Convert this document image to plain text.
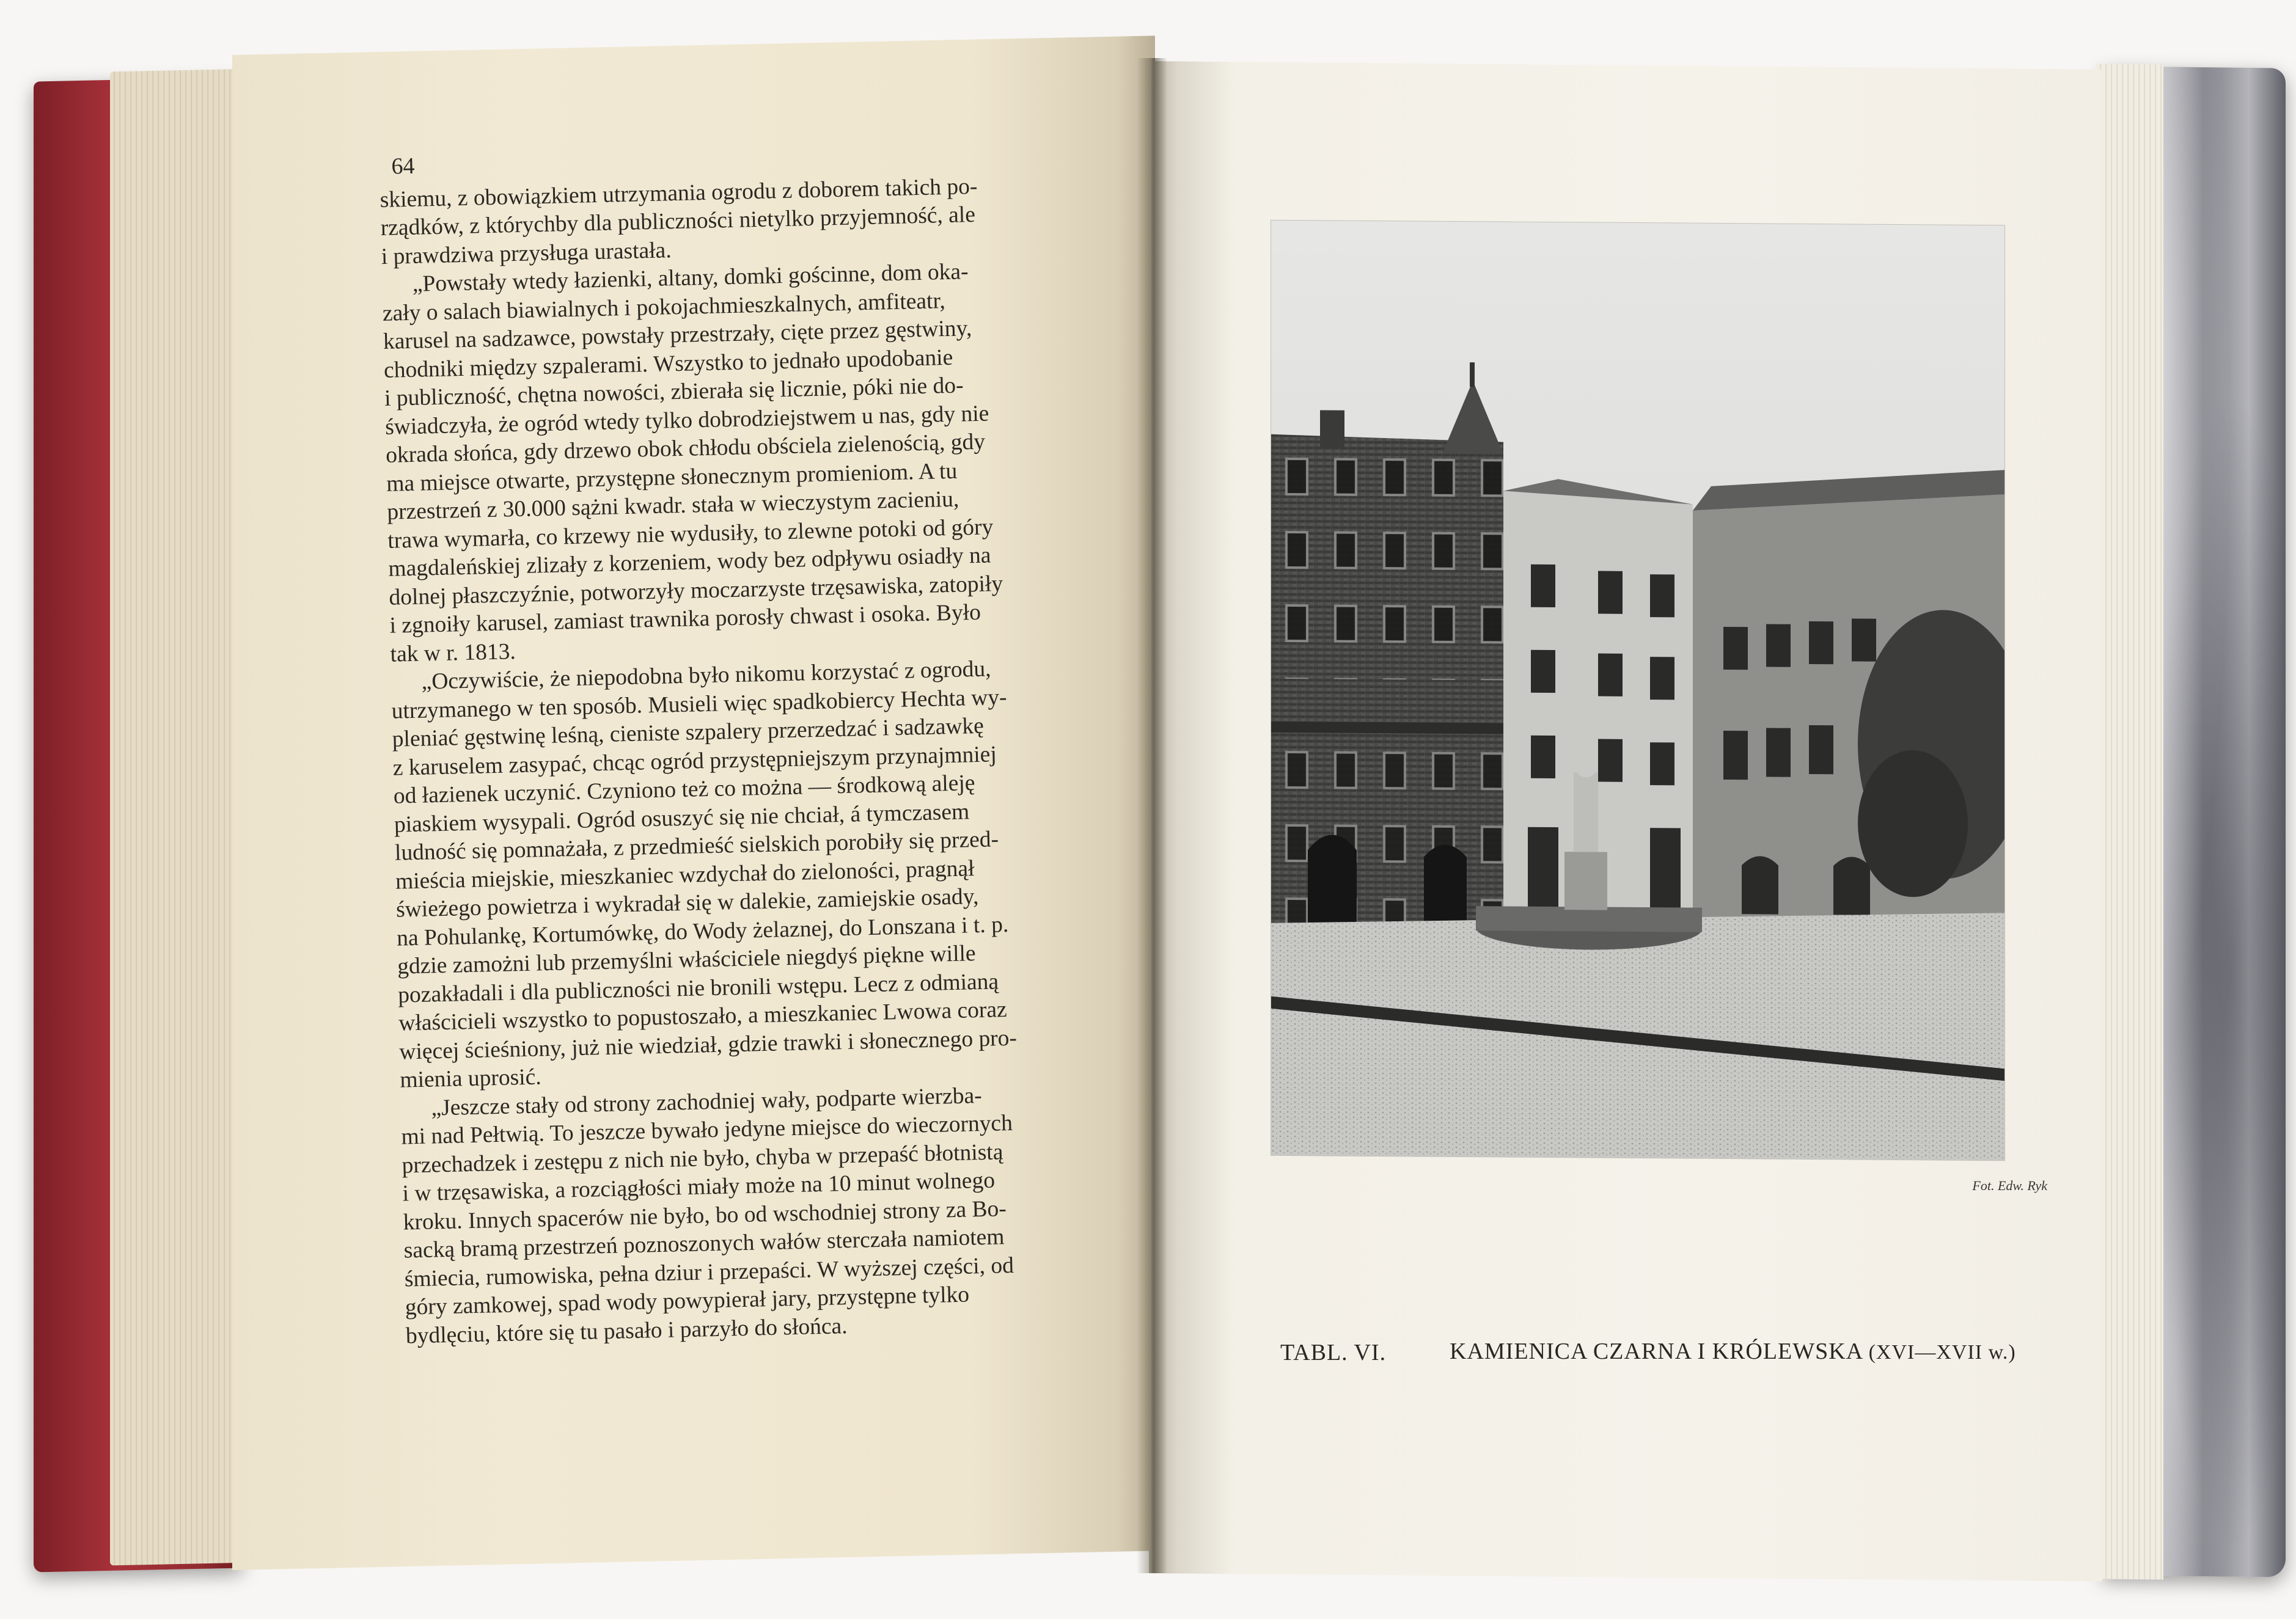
64

skiemu, z obowiązkiem utrzymania ogrodu z doborem takich po-
rządków, z którychby dla publiczności nietylko przyjemność, ale
i prawdziwa przysługa urastała.

„Powstały wtedy łazienki, altany, domki gościnne, dom oka-
zały o salach biawialnych i pokojachmieszkalnych, amfiteatr,
karusel na sadzawce, powstały przestrzały, cięte przez gęstwiny,
chodniki między szpalerami. Wszystko to jednało upodobanie
i publiczność, chętna nowości, zbierała się licznie, póki nie do-
świadczyła, że ogród wtedy tylko dobrodziejstwem u nas, gdy nie
okrada słońca, gdy drzewo obok chłodu obściela zielenością, gdy
ma miejsce otwarte, przystępne słonecznym promieniom. A tu
przestrzeń z 30.000 sążni kwadr. stała w wieczystym zacieniu,
trawa wymarła, co krzewy nie wydusiły, to zlewne potoki od góry
magdaleńskiej zlizały z korzeniem, wody bez odpływu osiadły na
dolnej płaszczyźnie, potworzyły moczarzyste trzęsawiska, zatopiły
i zgnoiły karusel, zamiast trawnika porosły chwast i osoka. Było
tak w r. 1813.

„Oczywiście, że niepodobna było nikomu korzystać z ogrodu,
utrzymanego w ten sposób. Musieli więc spadkobiercy Hechta wy-
pleniać gęstwinę leśną, cieniste szpalery przerzedzać i sadzawkę
z karuselem zasypać, chcąc ogród przystępniejszym przynajmniej
od łazienek uczynić. Czyniono też co można — środkową aleję
piaskiem wysypali. Ogród osuszyć się nie chciał, á tymczasem
ludność się pomnażała, z przedmieść sielskich porobiły się przed-
mieścia miejskie, mieszkaniec wzdychał do zieloności, pragnął
świeżego powietrza i wykradał się w dalekie, zamiejskie osady,
na Pohulankę, Kortumówkę, do Wody żelaznej, do Lonszana i t. p.
gdzie zamożni lub przemyślni właściciele niegdyś piękne wille
pozakładali i dla publiczności nie bronili wstępu. Lecz z odmianą
właścicieli wszystko to popustoszało, a mieszkaniec Lwowa coraz
więcej ścieśniony, już nie wiedział, gdzie trawki i słonecznego pro-
mienia uprosić.

„Jeszcze stały od strony zachodniej wały, podparte wierzba-
mi nad Pełtwią. To jeszcze bywało jedyne miejsce do wieczornych
przechadzek i zestępu z nich nie było, chyba w przepaść błotnistą
i w trzęsawiska, a rozciągłości miały może na 10 minut wolnego
kroku. Innych spacerów nie było, bo od wschodniej strony za Bo-
sacką bramą przestrzeń poznoszonych wałów sterczała namiotem
śmiecia, rumowiska, pełna dziur i przepaści. W wyższej części, od
góry zamkowej, spad wody powypierał jary, przystępne tylko
bydlęciu, które się tu pasało i parzyło do słońca.

Fot. Edw. Ryk
TABL. VI.	KAMIENICA CZARNA I KRÓLEWSKA (XVI—XVII w.)
